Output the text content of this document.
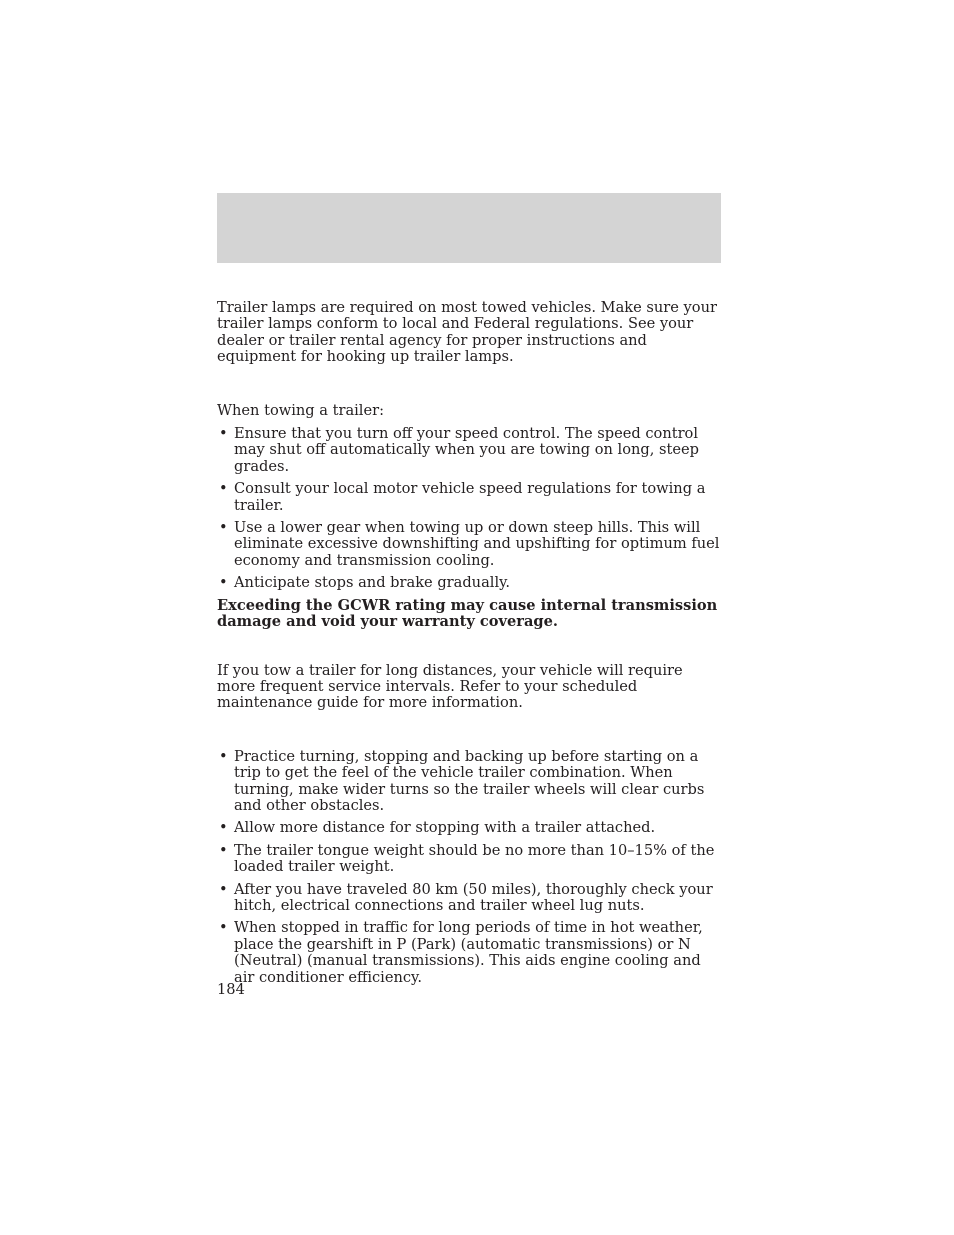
Trailer lamps are required on most towed vehicles. Make sure your trailer lamps conform to local and Federal regulations. See your dealer or trailer rental agency for proper instructions and equipment for hooking up trailer lamps.

When towing a trailer:

• Ensure that you turn off your speed control. The speed control may shut off automatically when you are towing on long, steep grades.
• Consult your local motor vehicle speed regulations for towing a trailer.
• Use a lower gear when towing up or down steep hills. This will eliminate excessive downshifting and upshifting for optimum fuel economy and transmission cooling.
• Anticipate stops and brake gradually.

Exceeding the GCWR rating may cause internal transmission damage and void your warranty coverage.

If you tow a trailer for long distances, your vehicle will require more frequent service intervals. Refer to your scheduled maintenance guide for more information.

• Practice turning, stopping and backing up before starting on a trip to get the feel of the vehicle trailer combination. When turning, make wider turns so the trailer wheels will clear curbs and other obstacles.
• Allow more distance for stopping with a trailer attached.
• The trailer tongue weight should be no more than 10–15% of the loaded trailer weight.
• After you have traveled 80 km (50 miles), thoroughly check your hitch, electrical connections and trailer wheel lug nuts.
• When stopped in traffic for long periods of time in hot weather, place the gearshift in P (Park) (automatic transmissions) or N (Neutral) (manual transmissions). This aids engine cooling and air conditioner efficiency.
184
